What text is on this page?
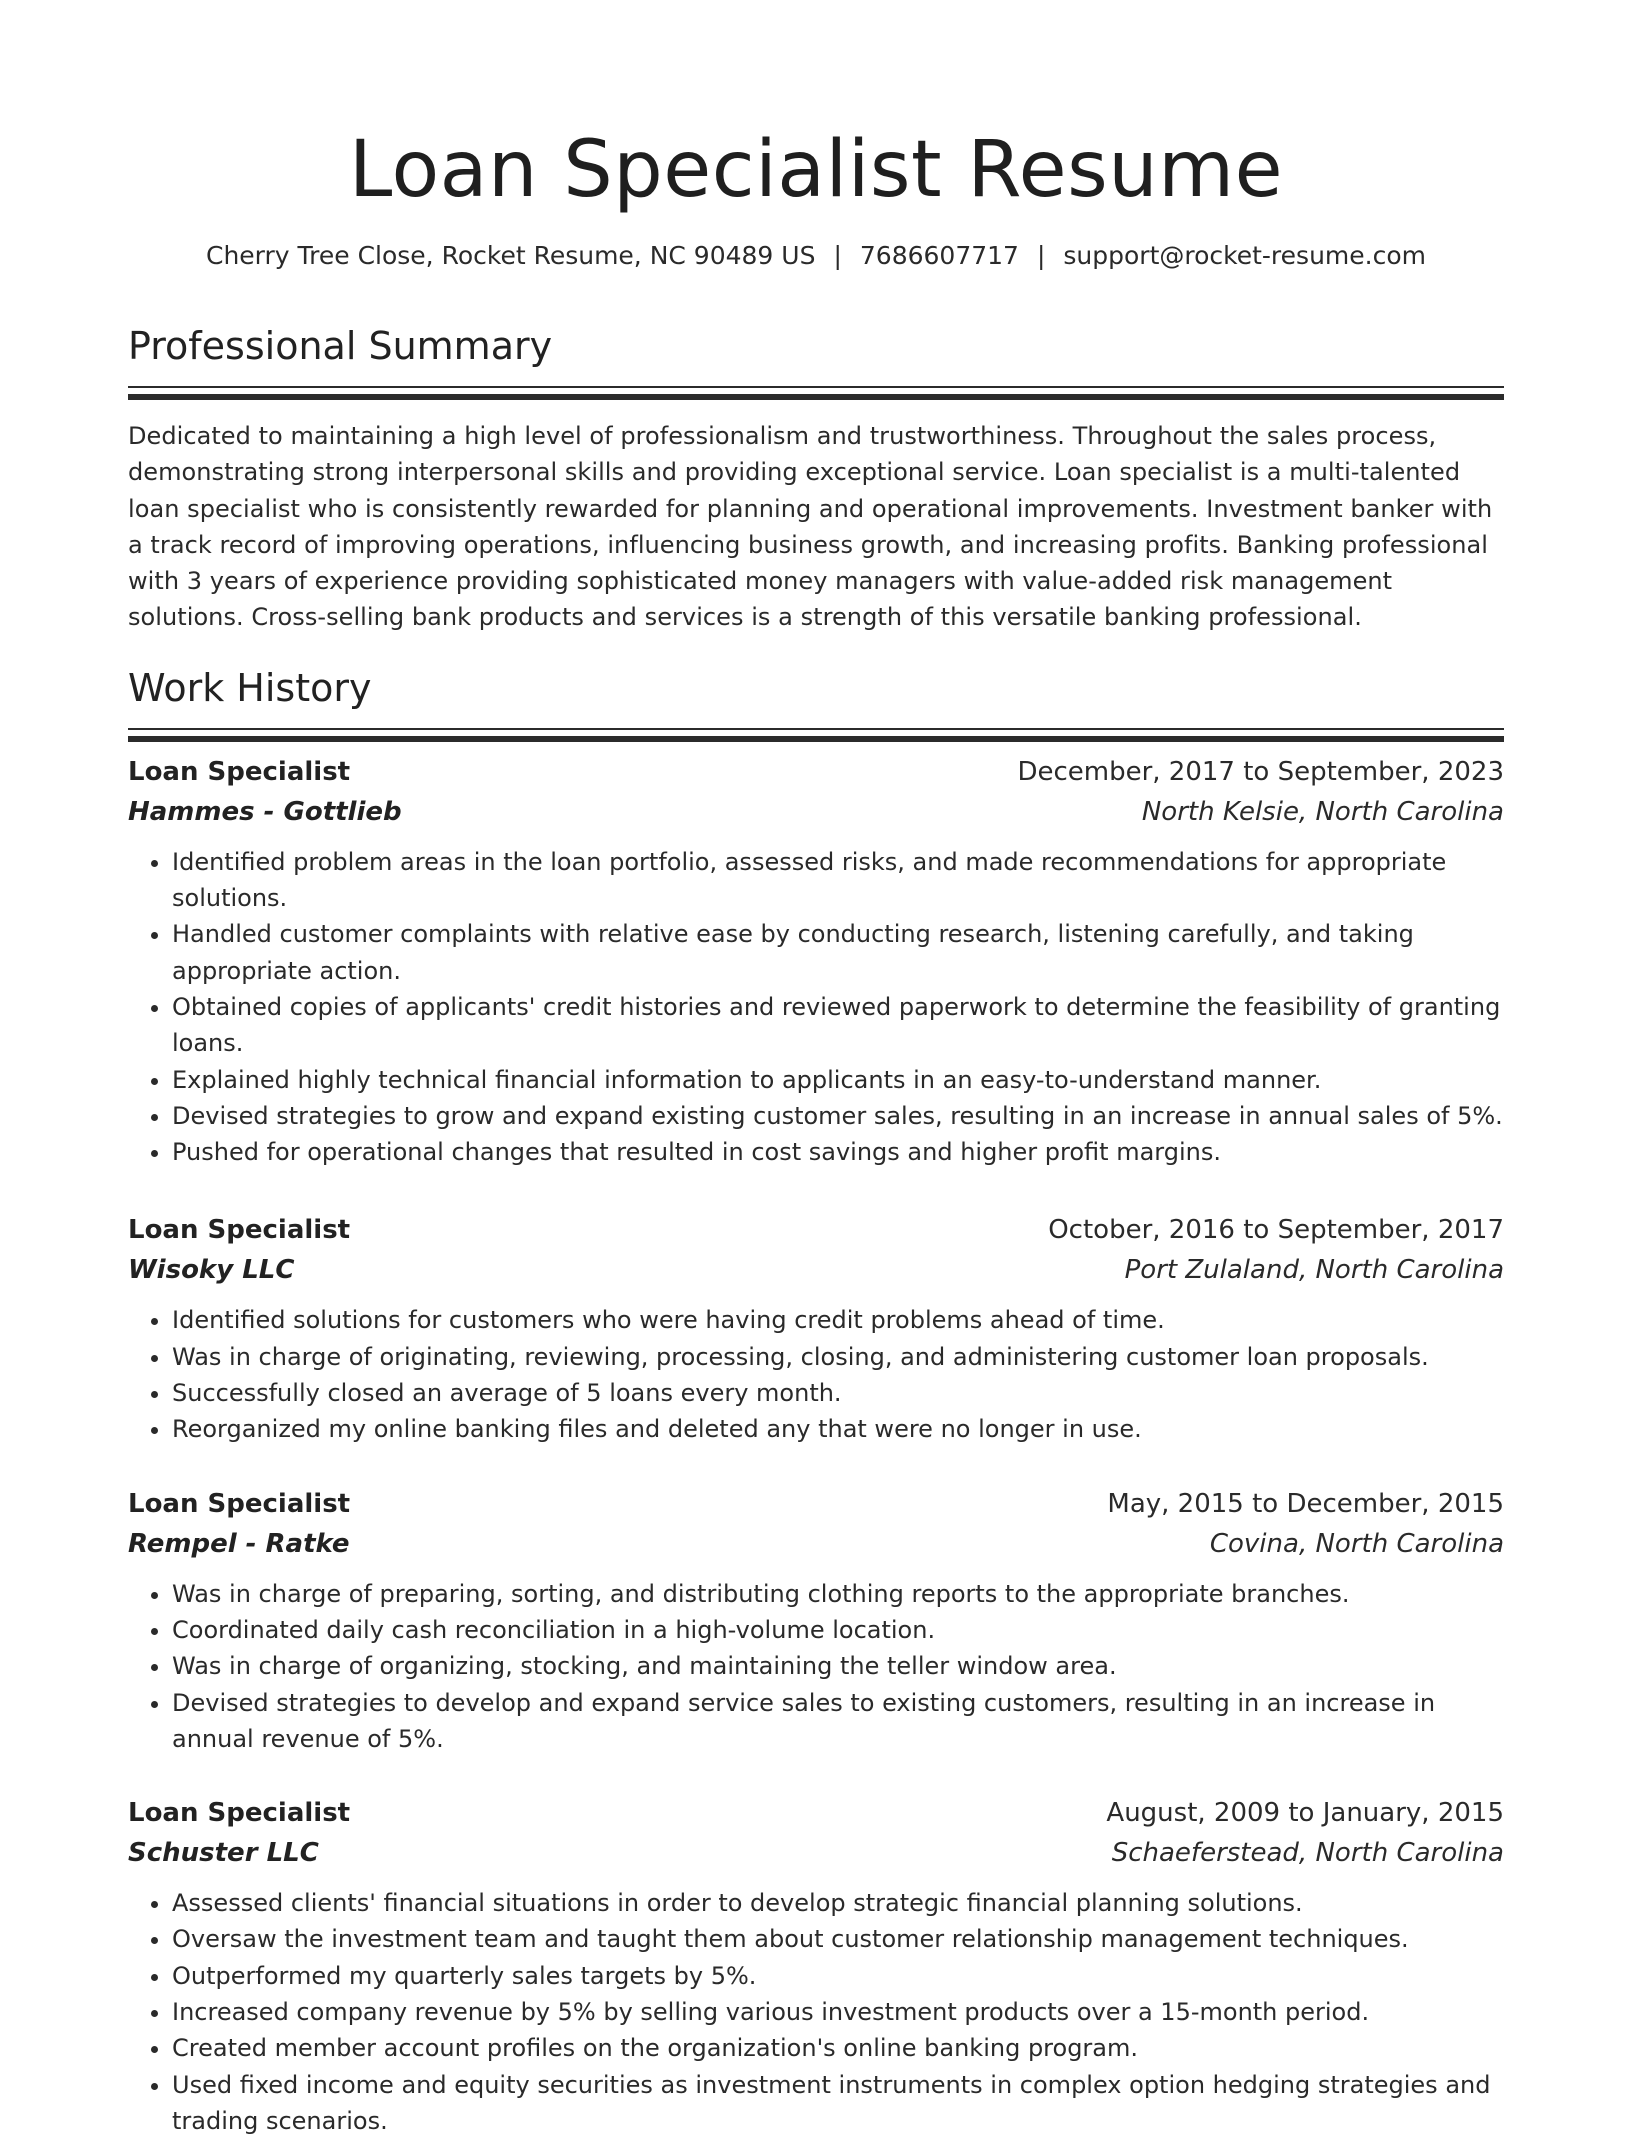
Loan Specialist Resume
Cherry Tree Close, Rocket Resume, NC 90489 US | 7686607717 | support@rocket-resume.com
Professional Summary

Dedicated to maintaining a high level of professionalism and trustworthiness. Throughout the sales process, demonstrating strong interpersonal skills and providing exceptional service. Loan specialist is a multi-talented loan specialist who is consistently rewarded for planning and operational improvements. Investment banker with a track record of improving operations, influencing business growth, and increasing profits. Banking professional with 3 years of experience providing sophisticated money managers with value-added risk management solutions. Cross-selling bank products and services is a strength of this versatile banking professional.

Work History
Loan Specialist	December, 2017 to September, 2023
Hammes - Gottlieb	North Kelsie, North Carolina
• Identified problem areas in the loan portfolio, assessed risks, and made recommendations for appropriate solutions.
• Handled customer complaints with relative ease by conducting research, listening carefully, and taking appropriate action.
• Obtained copies of applicants' credit histories and reviewed paperwork to determine the feasibility of granting loans.
• Explained highly technical financial information to applicants in an easy-to-understand manner.
• Devised strategies to grow and expand existing customer sales, resulting in an increase in annual sales of 5%.
• Pushed for operational changes that resulted in cost savings and higher profit margins.
Loan Specialist	October, 2016 to September, 2017
Wisoky LLC	Port Zulaland, North Carolina
• Identified solutions for customers who were having credit problems ahead of time.
• Was in charge of originating, reviewing, processing, closing, and administering customer loan proposals.
• Successfully closed an average of 5 loans every month.
• Reorganized my online banking files and deleted any that were no longer in use.
Loan Specialist	May, 2015 to December, 2015
Rempel - Ratke	Covina, North Carolina
• Was in charge of preparing, sorting, and distributing clothing reports to the appropriate branches.
• Coordinated daily cash reconciliation in a high-volume location.
• Was in charge of organizing, stocking, and maintaining the teller window area.
• Devised strategies to develop and expand service sales to existing customers, resulting in an increase in annual revenue of 5%.
Loan Specialist	August, 2009 to January, 2015
Schuster LLC	Schaeferstead, North Carolina
• Assessed clients' financial situations in order to develop strategic financial planning solutions.
• Oversaw the investment team and taught them about customer relationship management techniques.
• Outperformed my quarterly sales targets by 5%.
• Increased company revenue by 5% by selling various investment products over a 15-month period.
• Created member account profiles on the organization's online banking program.
• Used fixed income and equity securities as investment instruments in complex option hedging strategies and trading scenarios.
